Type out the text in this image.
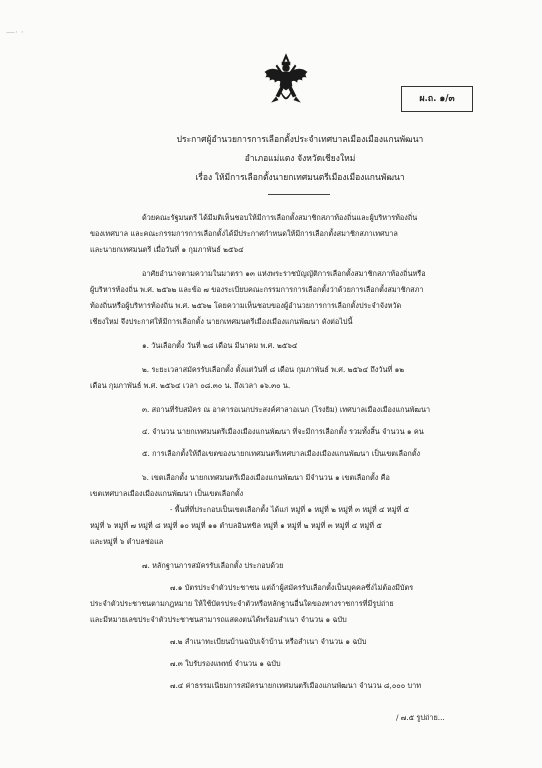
—· ·
ผ.ถ. ๑/๓
ประกาศผู้อำนวยการการเลือกตั้งประจำเทศบาลเมืองเมืองแกนพัฒนา
อำเภอแม่แตง จังหวัดเชียงใหม่
เรื่อง ให้มีการเลือกตั้งนายกเทศมนตรีเมืองเมืองแกนพัฒนา
ด้วยคณะรัฐมนตรี ได้มีมติเห็นชอบให้มีการเลือกตั้งสมาชิกสภาท้องถิ่นและผู้บริหารท้องถิ่น
ของเทศบาล และคณะกรรมการการเลือกตั้งได้มีประกาศกำหนดให้มีการเลือกตั้งสมาชิกสภาเทศบาล
และนายกเทศมนตรี เมื่อวันที่ ๑ กุมภาพันธ์ ๒๕๖๔
อาศัยอำนาจตามความในมาตรา ๑๓ แห่งพระราชบัญญัติการเลือกตั้งสมาชิกสภาท้องถิ่นหรือ
ผู้บริหารท้องถิ่น พ.ศ. ๒๕๖๒ และข้อ ๗ ของระเบียบคณะกรรมการการเลือกตั้งว่าด้วยการเลือกตั้งสมาชิกสภา
ท้องถิ่นหรือผู้บริหารท้องถิ่น พ.ศ. ๒๕๖๒ โดยความเห็นชอบของผู้อำนวยการการเลือกตั้งประจำจังหวัด
เชียงใหม่ จึงประกาศให้มีการเลือกตั้ง นายกเทศมนตรีเมืองเมืองแกนพัฒนา ดังต่อไปนี้
๑. วันเลือกตั้ง วันที่ ๒๘ เดือน มีนาคม พ.ศ. ๒๕๖๔
๒. ระยะเวลาสมัครรับเลือกตั้ง ตั้งแต่วันที่ ๘ เดือน กุมภาพันธ์ พ.ศ. ๒๕๖๔ ถึงวันที่ ๑๒
เดือน กุมภาพันธ์ พ.ศ. ๒๕๖๔ เวลา ๐๘.๓๐ น. ถึงเวลา ๑๖.๓๐ น.
๓. สถานที่รับสมัคร ณ อาคารอเนกประสงค์ศาลาอเนก (โรงยิม) เทศบาลเมืองเมืองแกนพัฒนา
๔. จำนวน นายกเทศมนตรีเมืองเมืองแกนพัฒนา ที่จะมีการเลือกตั้ง รวมทั้งสิ้น จำนวน ๑ คน
๕. การเลือกตั้งให้ถือเขตของนายกเทศมนตรีเทศบาลเมืองเมืองแกนพัฒนา เป็นเขตเลือกตั้ง
๖. เขตเลือกตั้ง นายกเทศมนตรีเมืองเมืองแกนพัฒนา มีจำนวน ๑ เขตเลือกตั้ง คือ
เขตเทศบาลเมืองเมืองแกนพัฒนา เป็นเขตเลือกตั้ง
- พื้นที่ที่ประกอบเป็นเขตเลือกตั้ง ได้แก่ หมู่ที่ ๑ หมู่ที่ ๒ หมู่ที่ ๓ หมู่ที่ ๔ หมู่ที่ ๕
หมู่ที่ ๖ หมู่ที่ ๗ หมู่ที่ ๘ หมู่ที่ ๑๐ หมู่ที่ ๑๑ ตำบลอินทขิล หมู่ที่ ๑ หมู่ที่ ๒ หมู่ที่ ๓ หมู่ที่ ๔ หมู่ที่ ๕
และหมู่ที่ ๖ ตำบลช่อแล
๗. หลักฐานการสมัครรับเลือกตั้ง ประกอบด้วย
๗.๑ บัตรประจำตัวประชาชน แต่ถ้าผู้สมัครรับเลือกตั้งเป็นบุคคลซึ่งไม่ต้องมีบัตร
ประจำตัวประชาชนตามกฎหมาย ให้ใช้บัตรประจำตัวหรือหลักฐานอื่นใดของทางราชการที่มีรูปถ่าย
และมีหมายเลขประจำตัวประชาชนสามารถแสดงตนได้พร้อมสำเนา จำนวน ๑ ฉบับ
๗.๒ สำเนาทะเบียนบ้านฉบับเจ้าบ้าน หรือสำเนา จำนวน ๑ ฉบับ
๗.๓ ใบรับรองแพทย์ จำนวน ๑ ฉบับ
๗.๔ ค่าธรรมเนียมการสมัครนายกเทศมนตรีเมืองแกนพัฒนา จำนวน ๘,๐๐๐ บาท
/ ๗.๕ รูปถ่าย...
